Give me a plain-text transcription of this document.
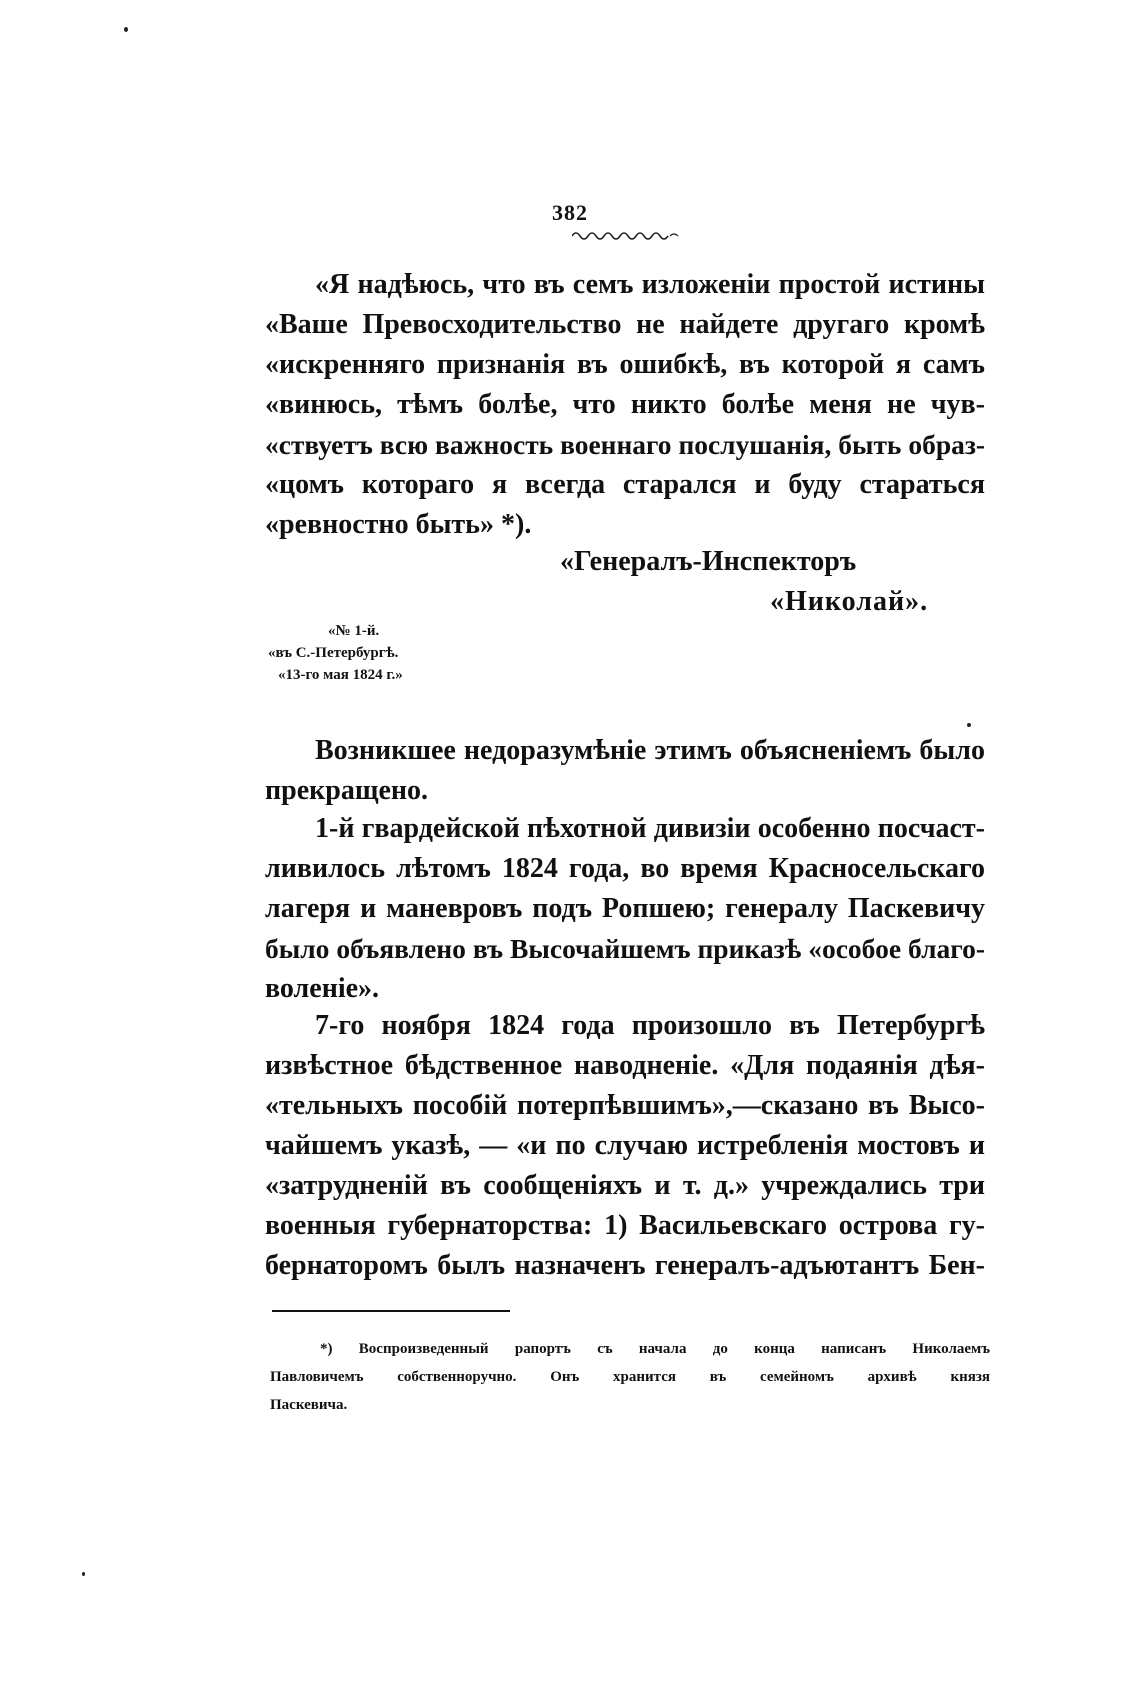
382
«Я надѣюсь, что въ семъ изложеніи простой истины
«Ваше Превосходительство не найдете другаго кромѣ
«искренняго признанія въ ошибкѣ, въ которой я самъ
«винюсь, тѣмъ болѣе, что никто болѣе меня не чув-
«ствуетъ всю важность военнаго послушанія, быть образ-
«цомъ котораго я всегда старался и буду стараться
«ревностно быть» *).
«Генералъ-Инспекторъ
«Николай».
«№ 1-й.
«въ С.-Петербургѣ.
«13-го мая 1824 г.»
Возникшее недоразумѣніе этимъ объясненіемъ было
прекращено.
1-й гвардейской пѣхотной дивизіи особенно посчаст-
ливилось лѣтомъ 1824 года, во время Красносельскаго
лагеря и маневровъ подъ Ропшею; генералу Паскевичу
было объявлено въ Высочайшемъ приказѣ «особое благо-
воленіе».
7-го ноября 1824 года произошло въ Петербургѣ
извѣстное бѣдственное наводненіе. «Для подаянія дѣя-
«тельныхъ пособій потерпѣвшимъ»,—сказано въ Высо-
чайшемъ указѣ, — «и по случаю истребленія мостовъ и
«затрудненій въ сообщеніяхъ и т. д.» учреждались три
военныя губернаторства: 1) Васильевскаго острова гу-
бернаторомъ былъ назначенъ генералъ-адъютантъ Бен-
*) Воспроизведенный рапортъ съ начала до конца написанъ Николаемъ
Павловичемъ собственноручно. Онъ хранится въ семейномъ архивѣ князя
Паскевича.
